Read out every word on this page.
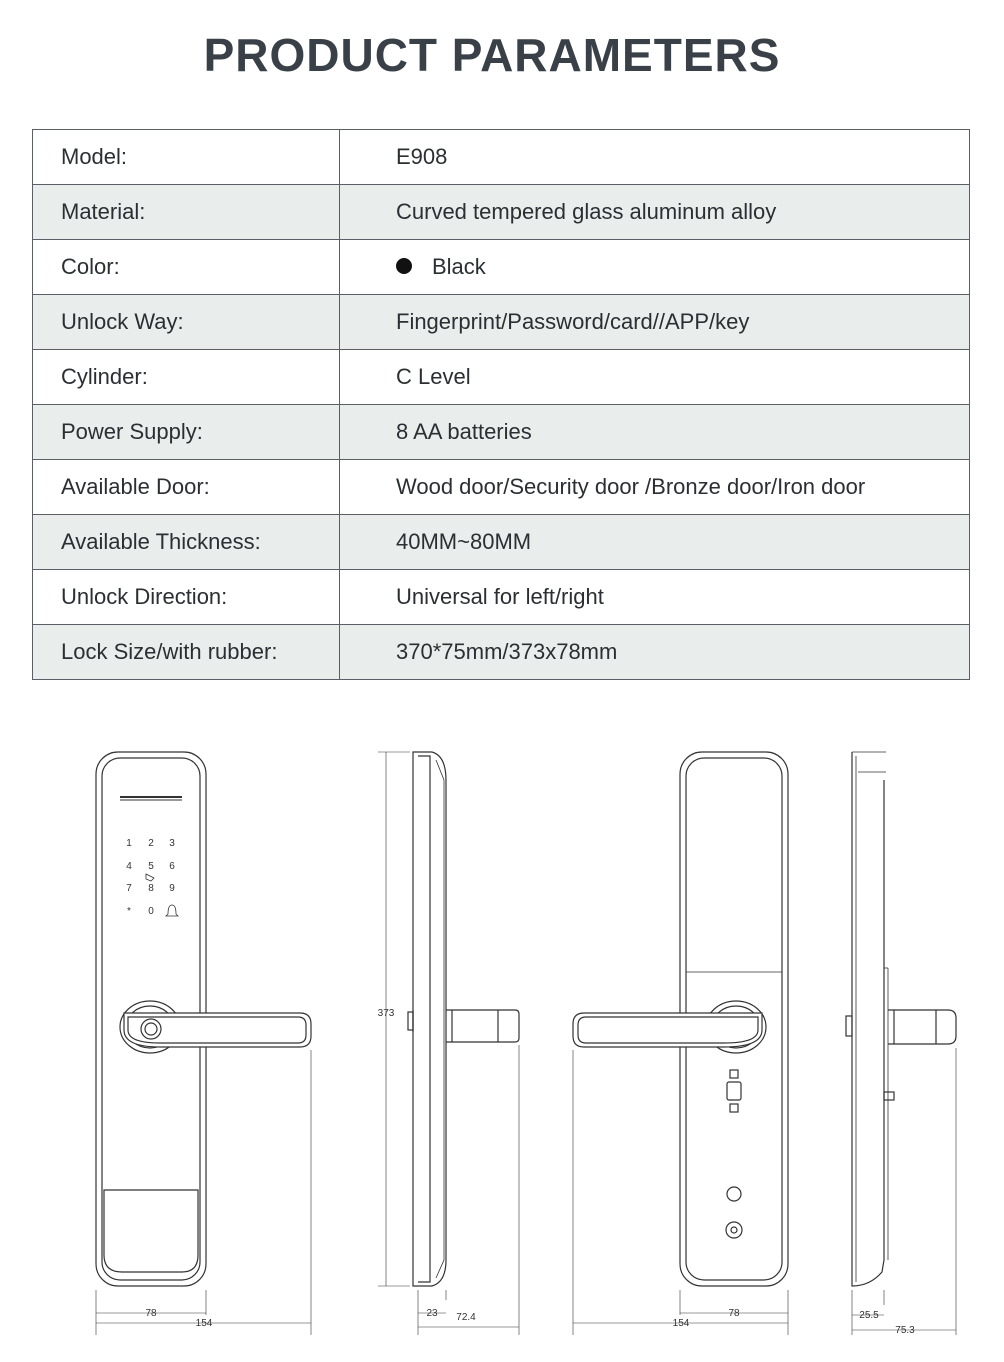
PRODUCT PARAMETERS
Model:	E908
Material:	Curved tempered glass aluminum alloy
Color:	Black
Unlock Way:	Fingerprint/Password/card//APP/key
Cylinder:	C Level
Power Supply:	8 AA batteries
Available Door:	Wood door/Security door /Bronze door/Iron door
Available Thickness:	40MM~80MM
Unlock Direction:	Universal for left/right
Lock Size/with rubber:	370*75mm/373x78mm
1 2 3
4 5 6
7 8 9
* 0
78
154
373
23 72.4	78
154
25.5
75.3
